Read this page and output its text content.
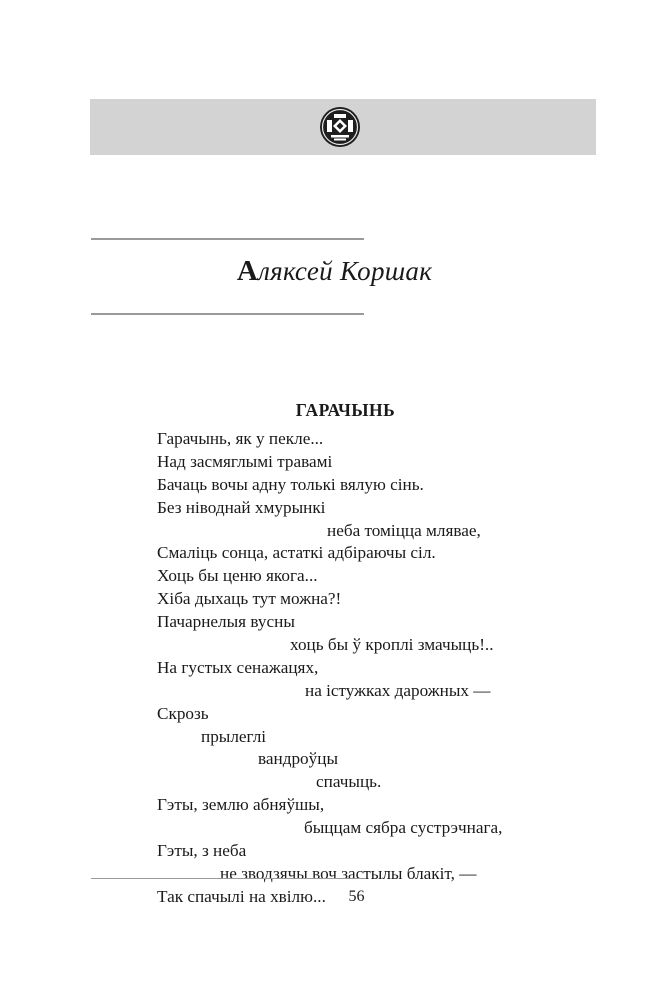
Аляксей Коршак
ГАРАЧЫНЬ
Гарачынь, як у пекле...
Над засмяглымі травамі
Бачаць вочы адну толькі вялую сінь.
Без ніводнай хмурынкі
неба томіцца млявае,
Смаліць сонца, астаткі адбіраючы сіл.
Хоць бы ценю якога...
Хіба дыхаць тут можна?!
Пачарнелыя вусны
хоць бы ў кроплі змачыць!..
На густых сенажацях,
на істужках дарожных —
Скрозь
прылеглі
вандроўцы
спачыць.
Гэты, землю абняўшы,
быццам сябра сустрэчнага,
Гэты, з неба
не зводзячы воч застылы блакіт, —
Так спачылі на хвілю...	56
